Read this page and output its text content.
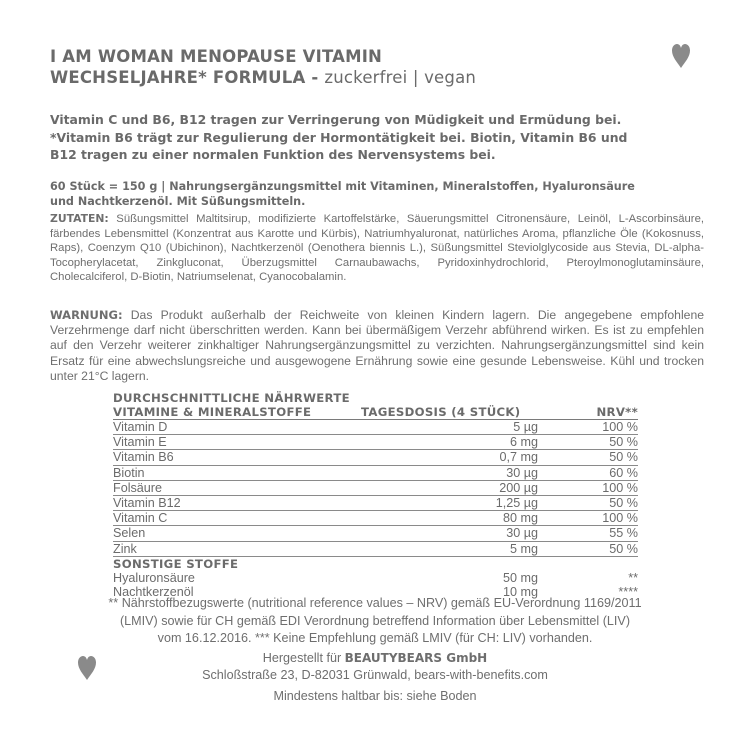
I AM WOMAN MENOPAUSE VITAMIN
WECHSELJAHRE* FORMULA - zuckerfrei | vegan
Vitamin C und B6, B12 tragen zur Verringerung von Müdigkeit und Ermüdung bei.
*Vitamin B6 trägt zur Regulierung der Hormontätigkeit bei. Biotin, Vitamin B6 und
B12 tragen zu einer normalen Funktion des Nervensystems bei.
60 Stück = 150 g | Nahrungsergänzungsmittel mit Vitaminen, Mineralstoffen, Hyaluronsäure
und Nachtkerzenöl. Mit Süßungsmitteln.
ZUTATEN: Süßungsmittel Maltitsirup, modifizierte Kartoffelstärke, Säuerungsmittel Citronensäure, Leinöl, L-Ascorbinsäure, färbendes Lebensmittel (Konzentrat aus Karotte und Kürbis), Natriumhyaluronat, natürliches Aroma, pflanzliche Öle (Kokosnuss, Raps), Coenzym Q10 (Ubichinon), Nachtkerzenöl (Oenothera biennis L.), Süßungsmittel Steviolglycoside aus Stevia, DL-alpha-Tocopherylacetat, Zinkgluconat, Überzugsmittel Carnaubawachs, Pyridoxinhydrochlorid, Pteroylmonoglutaminsäure, Cholecalciferol, D-Biotin, Natriumselenat, Cyanocobalamin.
WARNUNG: Das Produkt außerhalb der Reichweite von kleinen Kindern lagern. Die angegebene empfohlene Verzehrmenge darf nicht überschritten werden. Kann bei übermäßigem Verzehr abführend wirken. Es ist zu empfehlen auf den Verzehr weiterer zinkhaltiger Nahrungsergänzungsmittel zu verzichten. Nahrungsergänzungsmittel sind kein Ersatz für eine abwechslungsreiche und ausgewogene Ernährung sowie eine gesunde Lebensweise. Kühl und trocken unter 21°C lagern.
DURCHSCHNITTLICHE NÄHRWERTE
VITAMINE & MINERALSTOFFE	TAGESDOSIS (4 STÜCK)	NRV**
Vitamin D	5 µg	100 %
Vitamin E	6 mg	50 %
Vitamin B6	0,7 mg	50 %
Biotin	30 µg	60 %
Folsäure	200 µg	100 %
Vitamin B12	1,25 µg	50 %
Vitamin C	80 mg	100 %
Selen	30 µg	55 %
Zink	5 mg	50 %
SONSTIGE STOFFE
Hyaluronsäure	50 mg	**
Nachtkerzenöl	10 mg	****
** Nährstoffbezugswerte (nutritional reference values – NRV) gemäß EU-Verordnung 1169/2011
(LMIV) sowie für CH gemäß EDI Verordnung betreffend Information über Lebensmittel (LIV)
vom 16.12.2016. *** Keine Empfehlung gemäß LMIV (für CH: LIV) vorhanden.
Hergestellt für BEAUTYBEARS GmbH
Schloßstraße 23, D-82031 Grünwald, bears-with-benefits.com
Mindestens haltbar bis: siehe Boden
